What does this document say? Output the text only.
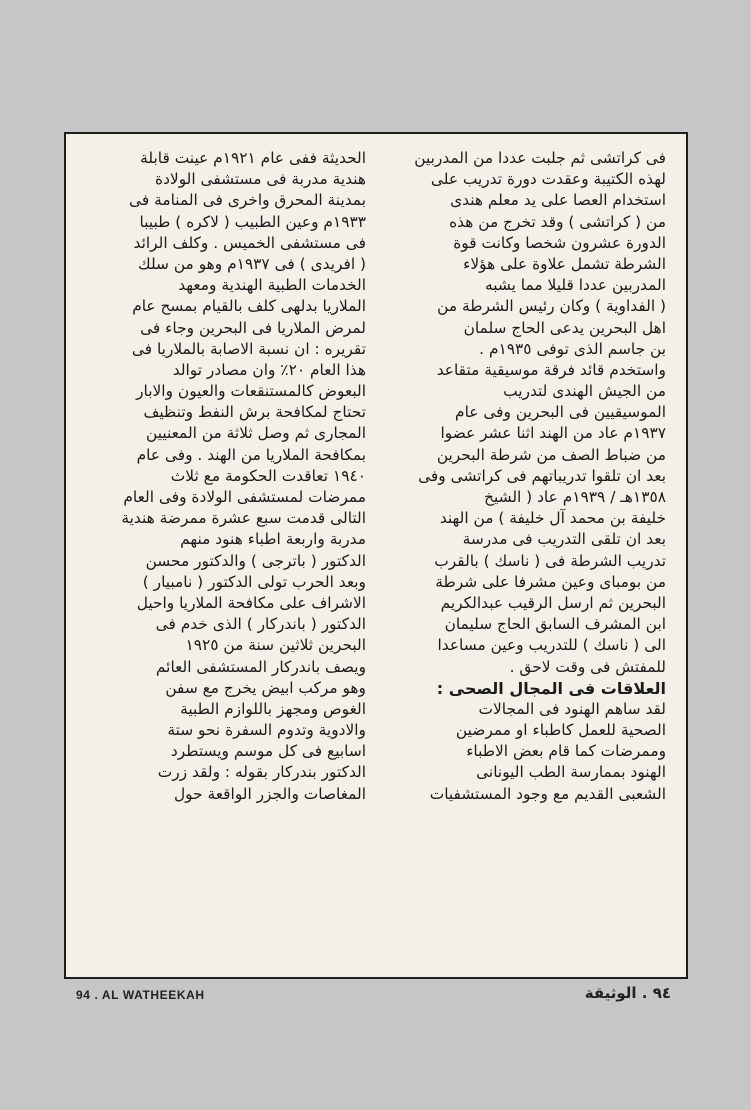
فى كراتشى ثم جلبت عددا من المدربين
لهذه الكتيبة وعقدت دورة تدريب على
استخدام العصا على يد معلم هندى
من ( كراتشى ) وقد تخرج من هذه
الدورة عشرون شخصا وكانت قوة
الشرطة تشمل علاوة على هؤلاء
المدربين عددا قليلا مما يشبه
( الفداوية ) وكان رئيس الشرطة من
اهل البحرين يدعى الحاج سلمان
بن جاسم الذى توفى ١٩٣٥م .
واستخدم قائد فرقة موسيقية متقاعد
من الجيش الهندى لتدريب
الموسيقيين فى البحرين وفى عام
١٩٣٧م عاد من الهند اثنا عشر عضوا
من ضباط الصف من شرطة البحرين
بعد ان تلقوا تدريباتهم فى كراتشى وفى
١٣٥٨هـ / ١٩٣٩م عاد ( الشيخ
خليفة بن محمد آل خليفة ) من الهند
بعد ان تلقى التدريب فى مدرسة
تدريب الشرطة فى ( ناسك ) بالقرب
من بومباى وعين مشرفا على شرطة
البحرين ثم ارسل الرقيب عبدالكريم
ابن المشرف السابق الحاج سليمان
الى ( ناسك ) للتدريب وعين مساعدا
للمفتش فى وقت لاحق .
العلاقات فى المجال الصحى :
لقد ساهم الهنود فى المجالات
الصحية للعمل كاطباء او ممرضين
وممرضات كما قام بعض الاطباء
الهنود بممارسة الطب اليونانى
الشعبى القديم مع وجود المستشفيات
الحديثة ففى عام ١٩٢١م عينت قابلة
هندية مدربة فى مستشفى الولادة
بمدينة المحرق واخرى فى المنامة فى
١٩٣٣م وعين الطبيب ( لاكره ) طبيبا
فى مستشفى الخميس . وكلف الرائد
( افريدى ) فى ١٩٣٧م وهو من سلك
الخدمات الطبية الهندية ومعهد
الملاريا بدلهى كلف بالقيام بمسح عام
لمرض الملاريا فى البحرين وجاء فى
تقريره : ان نسبة الاصابة بالملاريا فى
هذا العام ٢٠٪ وان مصادر توالد
البعوض كالمستنقعات والعيون والابار
تحتاج لمكافحة برش النفط وتنظيف
المجارى ثم وصل ثلاثة من المعنيين
بمكافحة الملاريا من الهند . وفى عام
١٩٤٠ تعاقدت الحكومة مع ثلاث
ممرضات لمستشفى الولادة وفى العام
التالى قدمت سبع عشرة ممرضة هندية
مدربة واربعة اطباء هنود منهم
الدكتور ( باترجى ) والدكتور محسن
وبعد الحرب تولى الدكتور ( نامبيار )
الاشراف على مكافحة الملاريا واحيل
الدكتور ( باندركار ) الذى خدم فى
البحرين ثلاثين سنة من ١٩٢٥
ويصف باندركار المستشفى العائم
وهو مركب ابيض يخرج مع سفن
الغوص ومجهز باللوازم الطبية
والادوية وتدوم السفرة نحو ستة
اسابيع فى كل موسم ويستطرد
الدكتور بندركار بقوله : ولقد زرت
المغاصات والجزر الواقعة حول
94 . AL WATHEEKAH	٩٤ . الوثيقة
